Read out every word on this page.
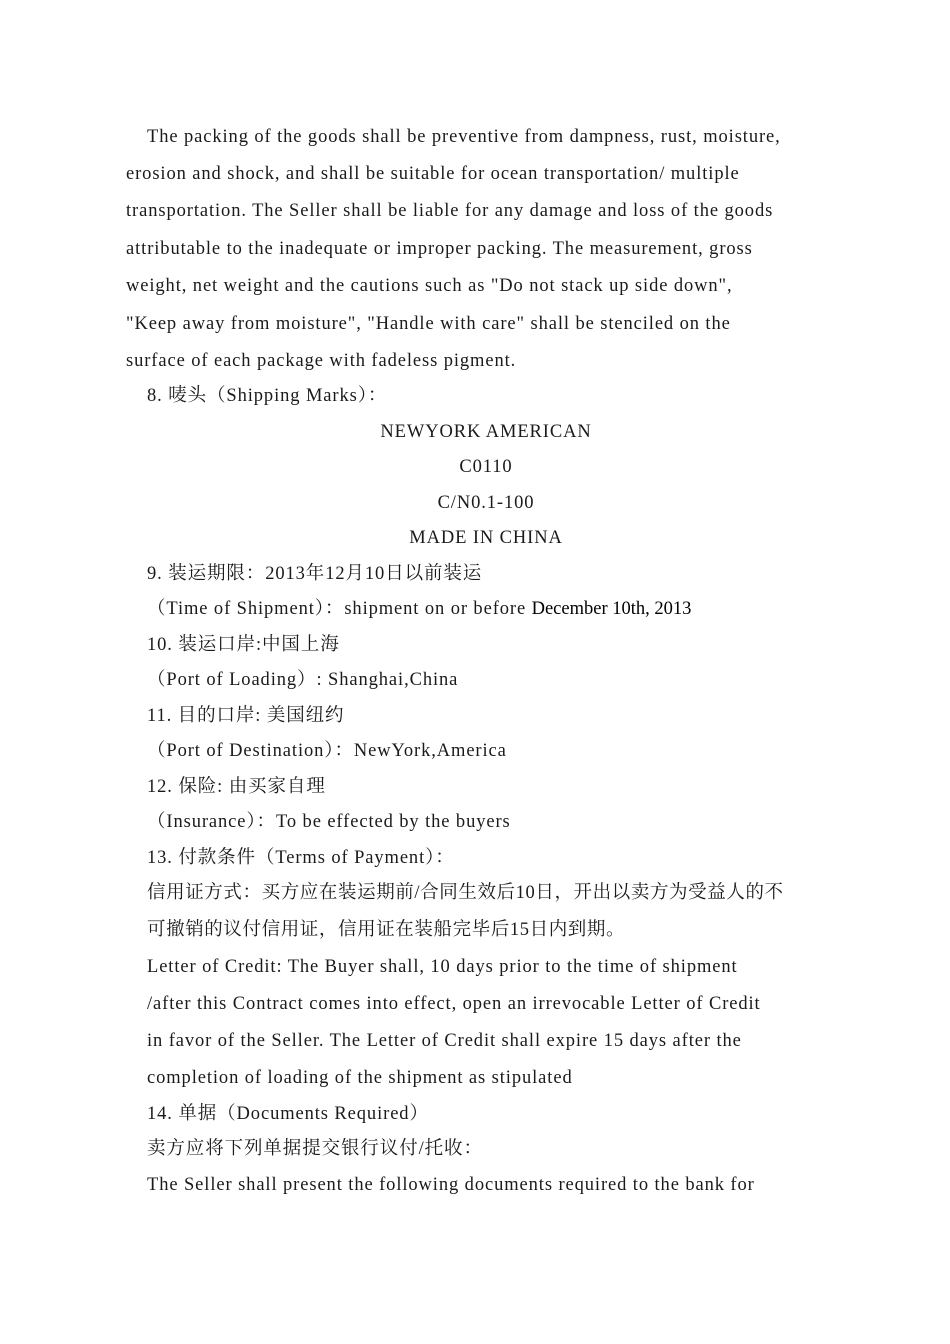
The packing of the goods shall be preventive from dampness, rust, moisture,
erosion and shock, and shall be suitable for ocean transportation/ multiple
transportation. The Seller shall be liable for any damage and loss of the goods
attributable to the inadequate or improper packing. The measurement, gross
weight, net weight and the cautions such as "Do not stack up side down",
"Keep away from moisture", "Handle with care" shall be stenciled on the
surface of each package with fadeless pigment.
8. 唛头（Shipping Marks）：
NEWYORK AMERICAN
C0110
C/N0.1-100
MADE IN CHINA
9. 装运期限：2013年12月10日以前装运
（Time of Shipment）：shipment on or before December 10th, 2013
10. 装运口岸:中国上海
（Port of Loading）: Shanghai,China
11. 目的口岸: 美国纽约
（Port of Destination）：NewYork,America
12. 保险: 由买家自理
（Insurance）：To be effected by the buyers
13. 付款条件（Terms of Payment）：
信用证方式：买方应在装运期前/合同生效后10日，开出以卖方为受益人的不
可撤销的议付信用证，信用证在装船完毕后15日内到期。
Letter of Credit: The Buyer shall, 10 days prior to the time of shipment
/after this Contract comes into effect, open an irrevocable Letter of Credit
in favor of the Seller. The Letter of Credit shall expire 15 days after the
completion of loading of the shipment as stipulated
14. 单据（Documents Required）
卖方应将下列单据提交银行议付/托收：
The Seller shall present the following documents required to the bank for
